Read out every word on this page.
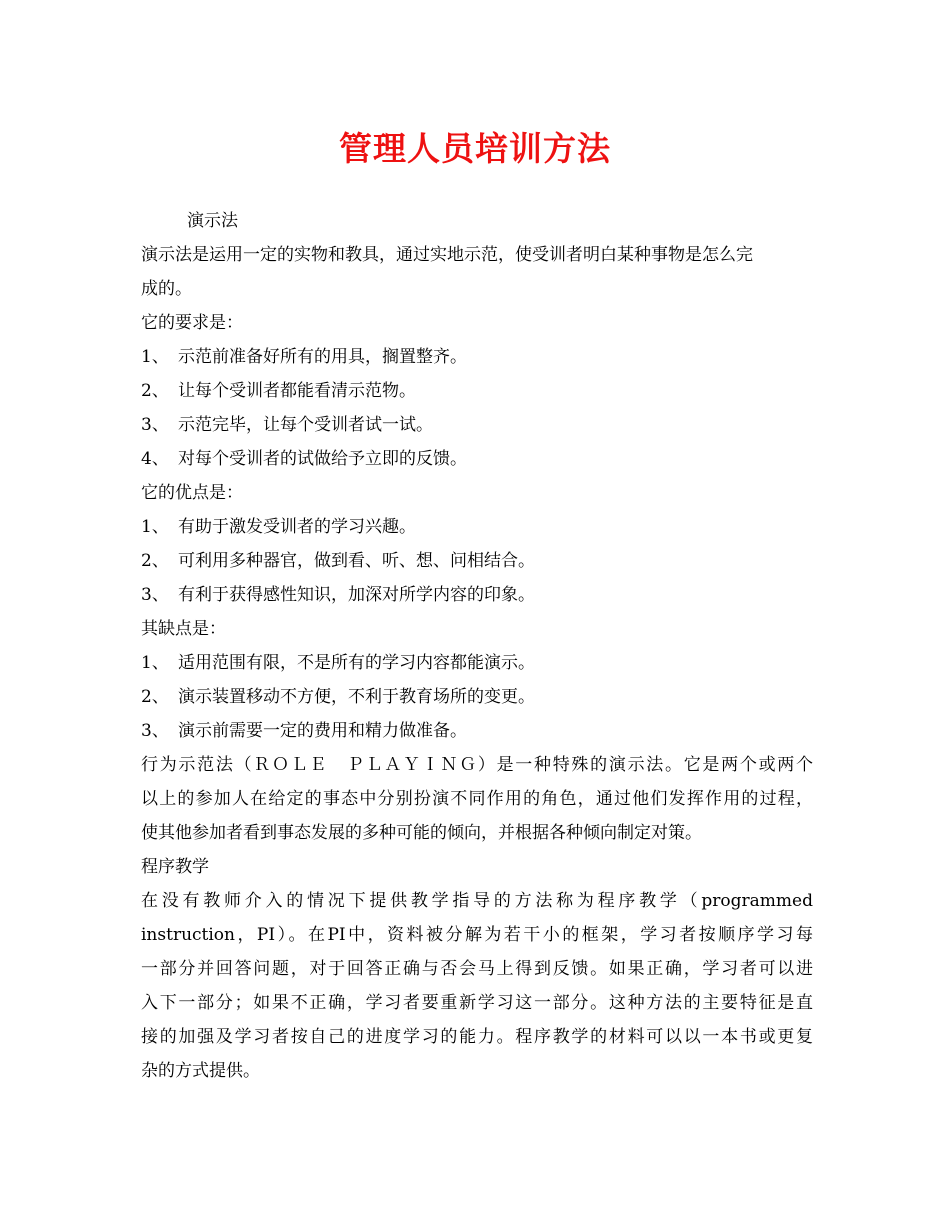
管理人员培训方法
演示法
演示法是运用一定的实物和教具，通过实地示范，使受训者明白某种事物是怎么完
成的。
它的要求是：
1、 示范前准备好所有的用具，搁置整齐。
2、 让每个受训者都能看清示范物。
3、 示范完毕，让每个受训者试一试。
4、 对每个受训者的试做给予立即的反馈。
它的优点是：
1、 有助于激发受训者的学习兴趣。
2、 可利用多种器官，做到看、听、想、问相结合。
3、 有利于获得感性知识，加深对所学内容的印象。
其缺点是：
1、 适用范围有限，不是所有的学习内容都能演示。
2、 演示装置移动不方便，不利于教育场所的变更。
3、 演示前需要一定的费用和精力做准备。
行为示范法（ＲＯＬＥ　ＰＬＡＹＩＮＧ）是一种特殊的演示法。它是两个或两个
以上的参加人在给定的事态中分别扮演不同作用的角色，通过他们发挥作用的过程，
使其他参加者看到事态发展的多种可能的倾向，并根据各种倾向制定对策。
程序教学
在没有教师介入的情况下提供教学指导的方法称为程序教学（programmed
instruction，PI）。在PI中，资料被分解为若干小的框架，学习者按顺序学习每
一部分并回答问题，对于回答正确与否会马上得到反馈。如果正确，学习者可以进
入下一部分；如果不正确，学习者要重新学习这一部分。这种方法的主要特征是直
接的加强及学习者按自己的进度学习的能力。程序教学的材料可以以一本书或更复
杂的方式提供。
